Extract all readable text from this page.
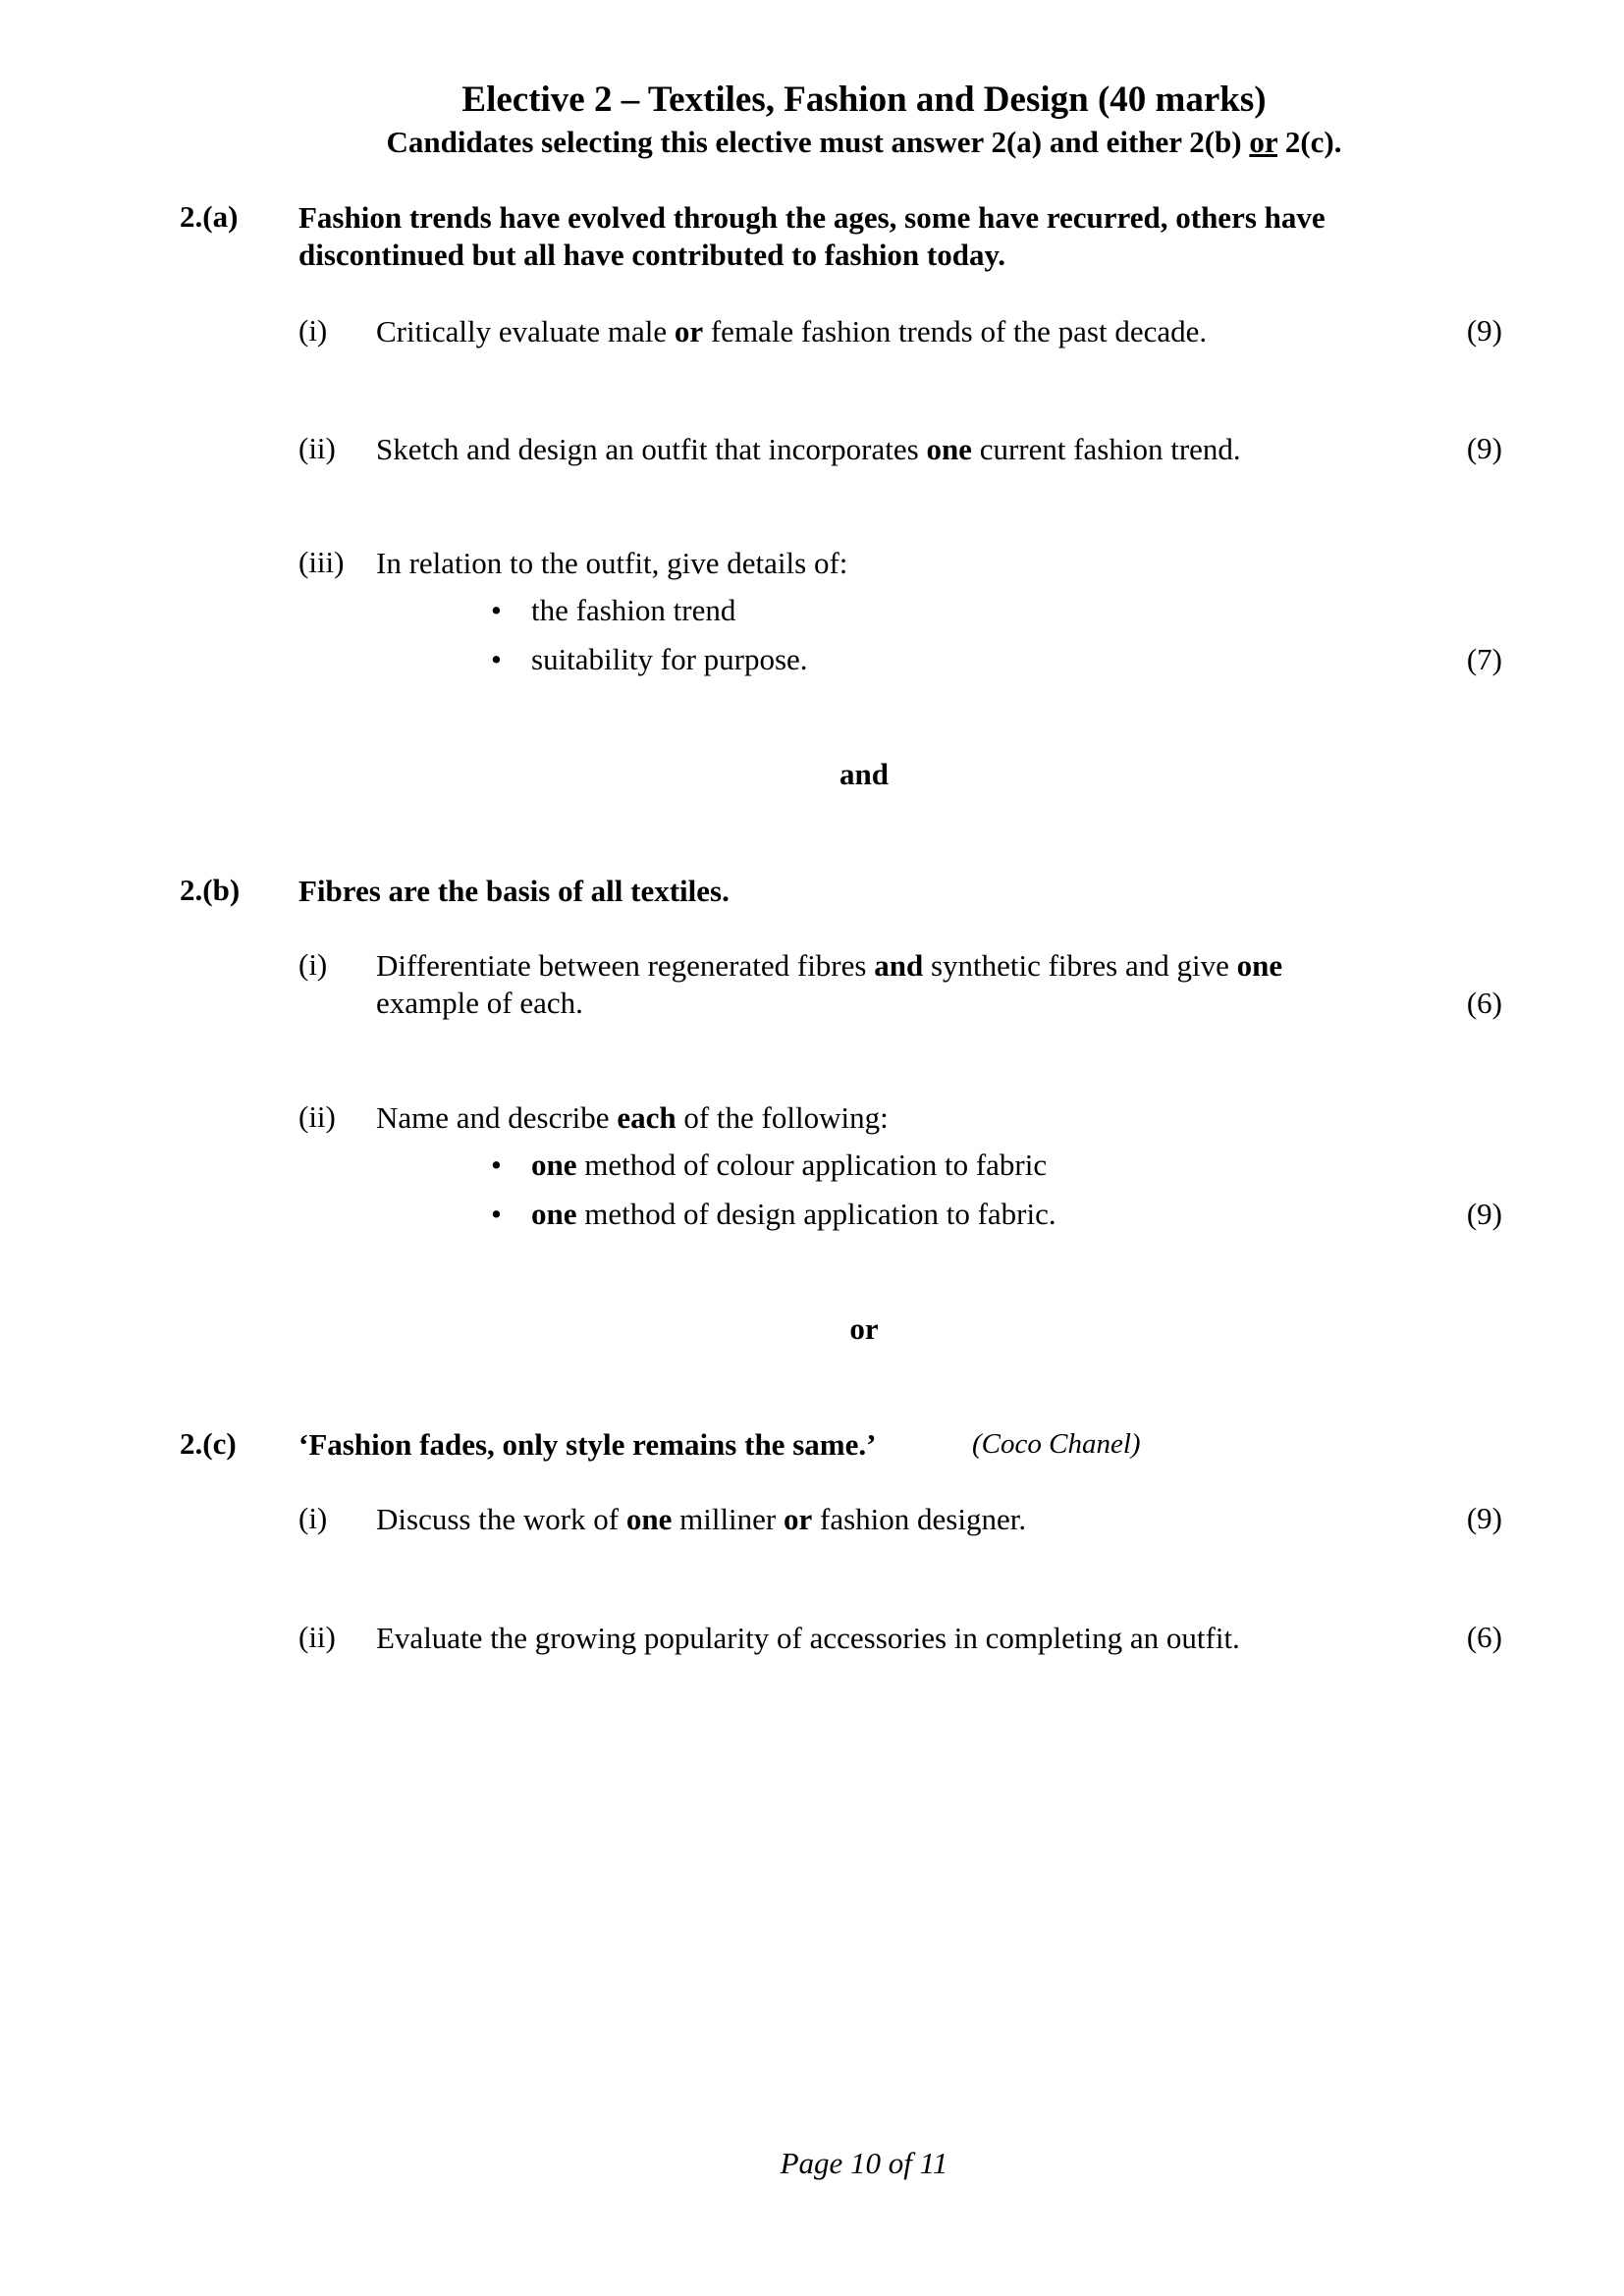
Elective 2 – Textiles, Fashion and Design (40 marks)
Candidates selecting this elective must answer 2(a) and either 2(b) or 2(c).
2.(a) Fashion trends have evolved through the ages, some have recurred, others have
discontinued but all have contributed to fashion today.
(i) Critically evaluate male or female fashion trends of the past decade.	(9)
(ii) Sketch and design an outfit that incorporates one current fashion trend.	(9)
(iii) In relation to the outfit, give details of:
• the fashion trend
• suitability for purpose.	(7)
and
2.(b) Fibres are the basis of all textiles.
(i) Differentiate between regenerated fibres and synthetic fibres and give one
example of each.	(6)
(ii) Name and describe each of the following:
• one method of colour application to fabric
• one method of design application to fabric.	(9)
or
2.(c) ‘Fashion fades, only style remains the same.’	(Coco Chanel)
(i) Discuss the work of one milliner or fashion designer.	(9)
(ii) Evaluate the growing popularity of accessories in completing an outfit.	(6)
Page 10 of 11
